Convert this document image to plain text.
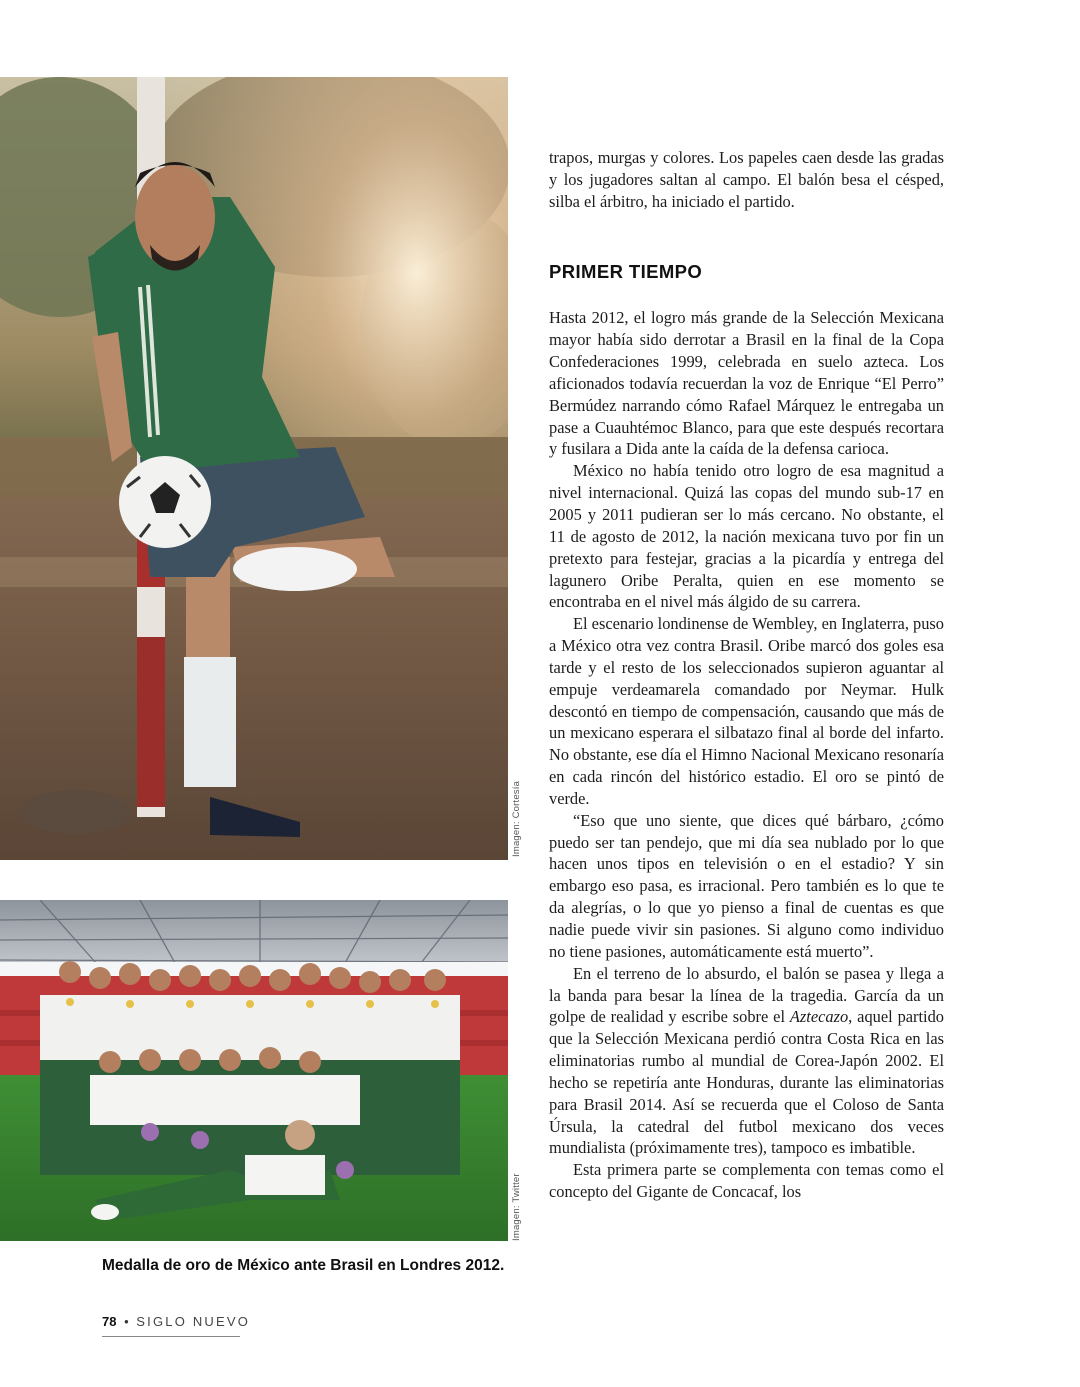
Imagen: Cortesía
Imagen: Twitter
Medalla de oro de México ante Brasil en Londres 2012.

trapos, murgas y colores. Los papeles caen desde las gradas y los jugadores saltan al campo. El balón besa el césped, silba el árbitro, ha iniciado el partido.

PRIMER TIEMPO

Hasta 2012, el logro más grande de la Selección Mexicana mayor había sido derrotar a Brasil en la final de la Copa Confederaciones 1999, celebrada en suelo azteca. Los aficionados todavía recuerdan la voz de Enrique “El Perro” Bermúdez narrando cómo Rafael Márquez le entregaba un pase a Cuauhtémoc Blanco, para que este después recortara y fusilara a Dida ante la caída de la defensa carioca.

México no había tenido otro logro de esa magnitud a nivel internacional. Quizá las copas del mundo sub-17 en 2005 y 2011 pudieran ser lo más cercano. No obstante, el 11 de agosto de 2012, la nación mexicana tuvo por fin un pretexto para festejar, gracias a la picardía y entrega del lagunero Oribe Peralta, quien en ese momento se encontraba en el nivel más álgido de su carrera.

El escenario londinense de Wembley, en Inglaterra, puso a México otra vez contra Brasil. Oribe marcó dos goles esa tarde y el resto de los seleccionados supieron aguantar al empuje verdeamarela comandado por Neymar. Hulk descontó en tiempo de compensación, causando que más de un mexicano esperara el silbatazo final al borde del infarto. No obstante, ese día el Himno Nacional Mexicano resonaría en cada rincón del histórico estadio. El oro se pintó de verde.

“Eso que uno siente, que dices qué bárbaro, ¿cómo puedo ser tan pendejo, que mi día sea nublado por lo que hacen unos tipos en televisión o en el estadio? Y sin embargo eso pasa, es irracional. Pero también es lo que te da alegrías, o lo que yo pienso a final de cuentas es que nadie puede vivir sin pasiones. Si alguno como individuo no tiene pasiones, automáticamente está muerto”.

En el terreno de lo absurdo, el balón se pasea y llega a la banda para besar la línea de la tragedia. García da un golpe de realidad y escribe sobre el Aztecazo, aquel partido que la Selección Mexicana perdió contra Costa Rica en las eliminatorias rumbo al mundial de Corea-Japón 2002. El hecho se repetiría ante Honduras, durante las eliminatorias para Brasil 2014. Así se recuerda que el Coloso de Santa Úrsula, la catedral del futbol mexicano dos veces mundialista (próximamente tres), tampoco es imbatible.

Esta primera parte se complementa con temas como el concepto del Gigante de Concacaf, los

78 • SIGLO NUEVO
